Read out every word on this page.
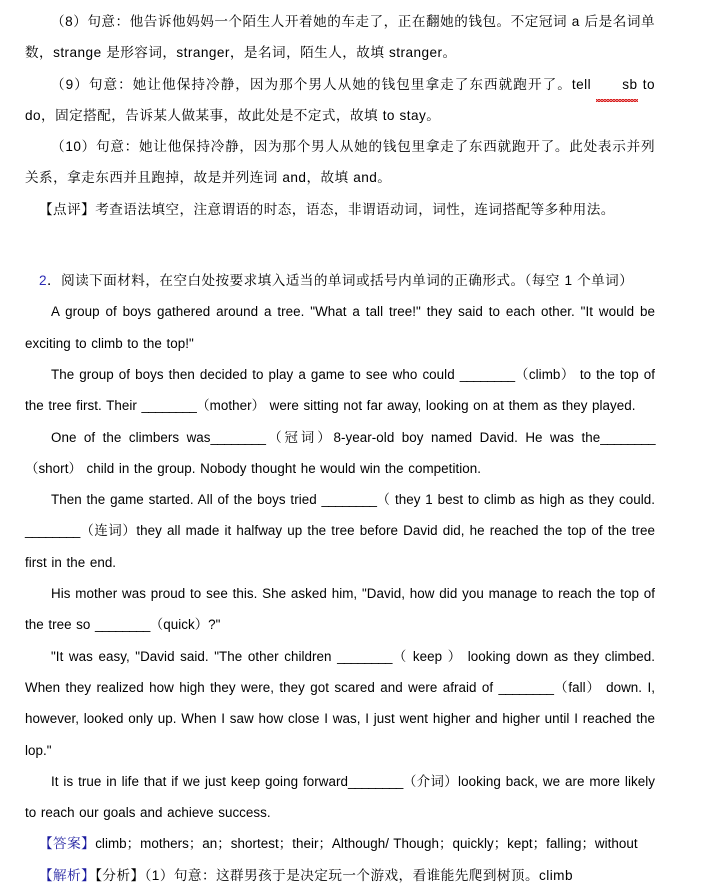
（8）句意：他告诉他妈妈一个陌生人开着她的车走了，正在翻她的钱包。不定冠词 a 后是名词单数，strange 是形容词，stranger，是名词，陌生人，故填 stranger。

（9）句意：她让他保持冷静，因为那个男人从她的钱包里拿走了东西就跑开了。tell sb to do，固定搭配，告诉某人做某事，故此处是不定式，故填 to stay。

（10）句意：她让他保持冷静，因为那个男人从她的钱包里拿走了东西就跑开了。此处表示并列关系，拿走东西并且跑掉，故是并列连词 and，故填 and。

【点评】考查语法填空，注意谓语的时态，语态，非谓语动词，词性，连词搭配等多种用法。

2．阅读下面材料，在空白处按要求填入适当的单词或括号内单词的正确形式。（每空 1 个单词）

A group of boys gathered around a tree. "What a tall tree!" they said to each other. "It would be exciting to climb to the top!"

The group of boys then decided to play a game to see who could ________（climb） to the top of the tree first. Their ________（mother） were sitting not far away, looking on at them as they played.

One of the climbers was________（冠词）8-year-old boy named David. He was the________（short） child in the group. Nobody thought he would win the competition.

Then the game started. All of the boys tried ________（ they 1 best to climb as high as they could. ________（连词）they all made it halfway up the tree before David did, he reached the top of the tree first in the end.

His mother was proud to see this. She asked him, "David, how did you manage to reach the top of the tree so ________（quick）?"

"It was easy, "David said. "The other children ________（ keep ） looking down as they climbed. When they realized how high they were, they got scared and were afraid of ________（fall） down. I, however, looked only up. When I saw how close I was, I just went higher and higher until I reached the lop."

It is true in life that if we just keep going forward________（介词）looking back, we are more likely to reach our goals and achieve success.

【答案】climb；mothers；an；shortest；their；Although/ Though；quickly；kept；falling；without

【解析】【分析】（1）句意：这群男孩于是决定玩一个游戏，看谁能先爬到树顶。climb
